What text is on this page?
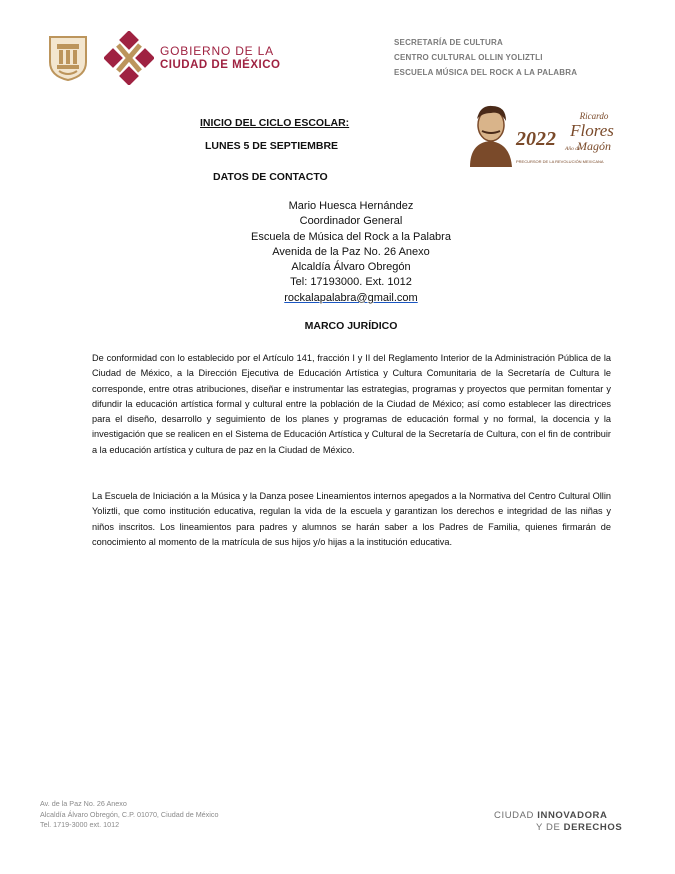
GOBIERNO DE LA
CIUDAD DE MÉXICO
SECRETARÍA DE CULTURA
CENTRO CULTURAL OLLIN YOLIZTLI
ESCUELA MÚSICA DEL ROCK A LA PALABRA
INICIO DEL CICLO ESCOLAR:
LUNES 5 DE SEPTIEMBRE
DATOS DE CONTACTO
2022
Ricardo
Flores
Magón
Año de
PRECURSOR DE LA REVOLUCIÓN MEXICANA
Mario Huesca Hernández
Coordinador General
Escuela de Música del Rock a la Palabra
Avenida de la Paz No. 26 Anexo
Alcaldía Álvaro Obregón
Tel: 17193000. Ext. 1012
rockalapalabra@gmail.com
MARCO JURÍDICO

De conformidad con lo establecido por el Artículo 141, fracción I y II del Reglamento Interior de la Administración Pública de la Ciudad de México, a la Dirección Ejecutiva de Educación Artística y Cultura Comunitaria de la Secretaría de Cultura le corresponde, entre otras atribuciones, diseñar e instrumentar las estrategias, programas y proyectos que permitan fomentar y difundir la educación artística formal y cultural entre la población de la Ciudad de México; así como establecer las directrices para el diseño, desarrollo y seguimiento de los planes y programas de educación formal y no formal, la docencia y la investigación que se realicen en el Sistema de Educación Artística y Cultural de la Secretaría de Cultura, con el fin de contribuir a la educación artística y cultura de paz en la Ciudad de México.

La Escuela de Iniciación a la Música y la Danza posee Lineamientos internos apegados a la Normativa del Centro Cultural Ollin Yoliztli, que como institución educativa, regulan la vida de la escuela y garantizan los derechos e integridad de las niñas y niños inscritos. Los lineamientos para padres y alumnos se harán saber a los Padres de Familia, quienes firmarán de conocimiento al momento de la matrícula de sus hijos y/o hijas a la institución educativa.

Av. de la Paz No. 26 Anexo
Alcaldía Álvaro Obregón, C.P. 01070, Ciudad de México
Tel. 1719-3000 ext. 1012
CIUDAD INNOVADORA
Y DE DERECHOS
